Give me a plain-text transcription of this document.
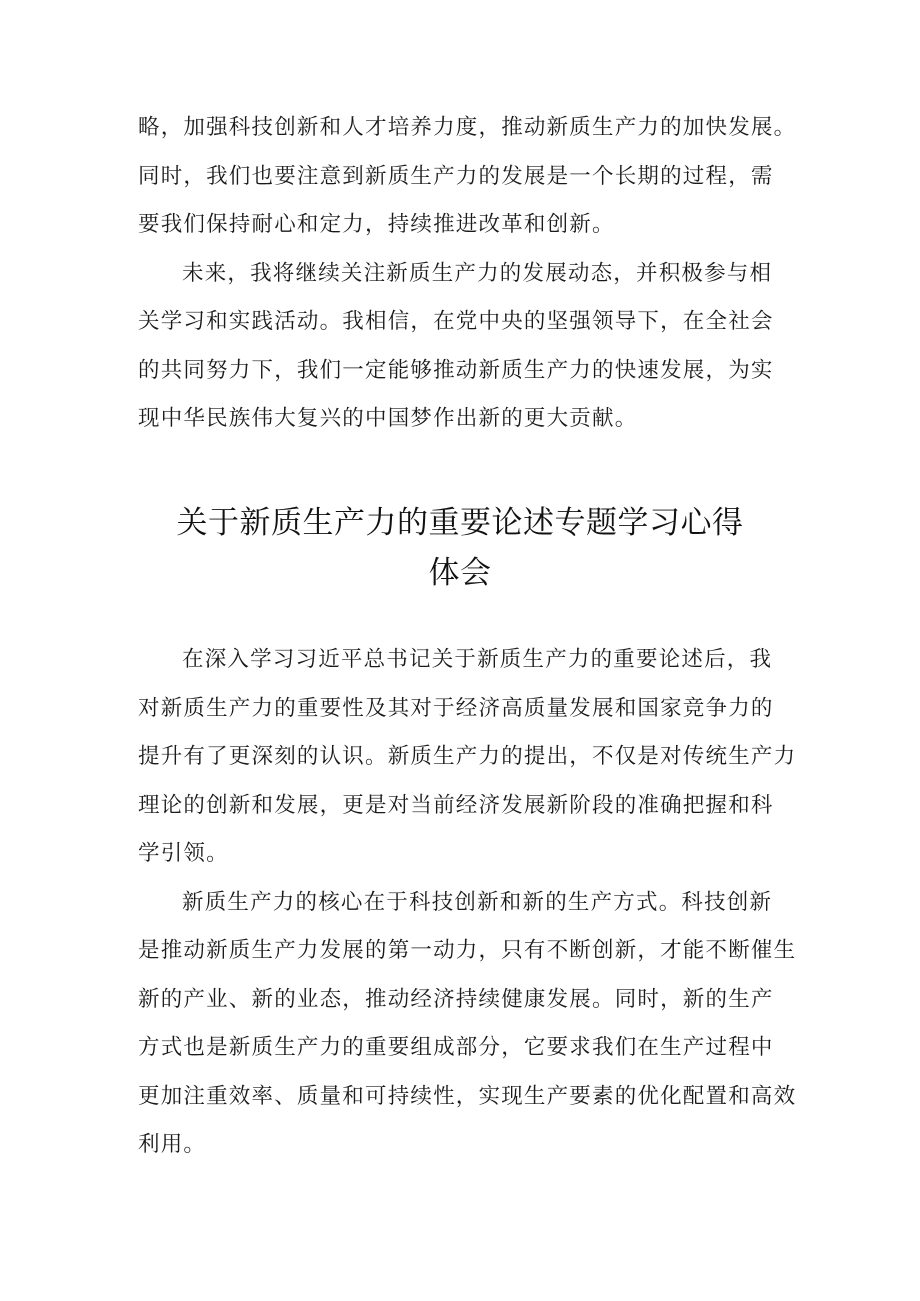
略，加强科技创新和人才培养力度，推动新质生产力的加快发展。
同时，我们也要注意到新质生产力的发展是一个长期的过程，需
要我们保持耐心和定力，持续推进改革和创新。
未来，我将继续关注新质生产力的发展动态，并积极参与相
关学习和实践活动。我相信，在党中央的坚强领导下，在全社会
的共同努力下，我们一定能够推动新质生产力的快速发展，为实
现中华民族伟大复兴的中国梦作出新的更大贡献。
关于新质生产力的重要论述专题学习心得
体会
在深入学习习近平总书记关于新质生产力的重要论述后，我
对新质生产力的重要性及其对于经济高质量发展和国家竞争力的
提升有了更深刻的认识。新质生产力的提出，不仅是对传统生产力
理论的创新和发展，更是对当前经济发展新阶段的准确把握和科
学引领。
新质生产力的核心在于科技创新和新的生产方式。科技创新
是推动新质生产力发展的第一动力，只有不断创新，才能不断催生
新的产业、新的业态，推动经济持续健康发展。同时，新的生产
方式也是新质生产力的重要组成部分，它要求我们在生产过程中
更加注重效率、质量和可持续性，实现生产要素的优化配置和高效
利用。
